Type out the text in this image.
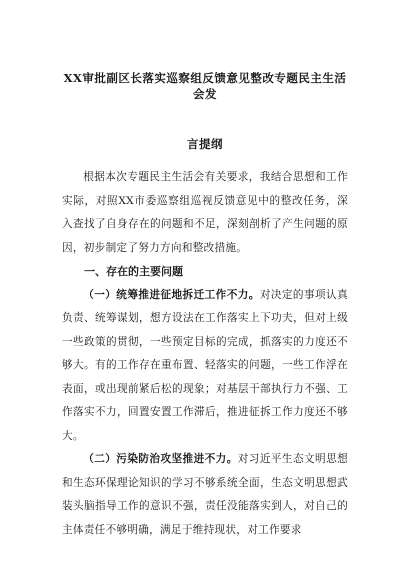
XX审批副区长落实巡察组反馈意见整改专题民主生活会发
言提纲

根据本次专题民主生活会有关要求，我结合思想和工作实际，对照XX市委巡察组巡视反馈意见中的整改任务，深入查找了自身存在的问题和不足，深刻剖析了产生问题的原因，初步制定了努力方向和整改措施。

一、存在的主要问题

（一）统筹推进征地拆迁工作不力。对决定的事项认真负责、统筹谋划，想方设法在工作落实上下功夫，但对上级一些政策的贯彻，一些预定目标的完成，抓落实的力度还不够大。有的工作存在重布置、轻落实的问题，一些工作浮在表面，或出现前紧后松的现象；对基层干部执行力不强、工作落实不力，回置安置工作滞后，推进征拆工作力度还不够大。

（二）污染防治攻坚推进不力。对习近平生态文明思想和生态环保理论知识的学习不够系统全面，生态文明思想武装头脑指导工作的意识不强，责任没能落实到人，对自己的主体责任不够明确，满足于维持现状，对工作要求
